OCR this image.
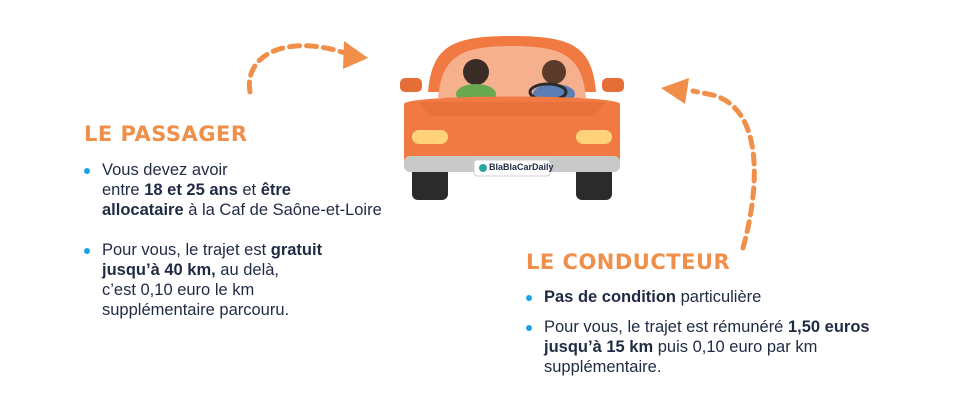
BlaBlaCarDaily
LE PASSAGER
Vous devez avoir
entre 18 et 25 ans et être
allocataire à la Caf de Saône-et-Loire
Pour vous, le trajet est gratuit
jusqu’à 40 km, au delà,
c’est 0,10 euro le km
supplémentaire parcouru.
LE CONDUCTEUR
Pas de condition particulière
Pour vous, le trajet est rémunéré 1,50 euros
jusqu’à 15 km puis 0,10 euro par km
supplémentaire.
